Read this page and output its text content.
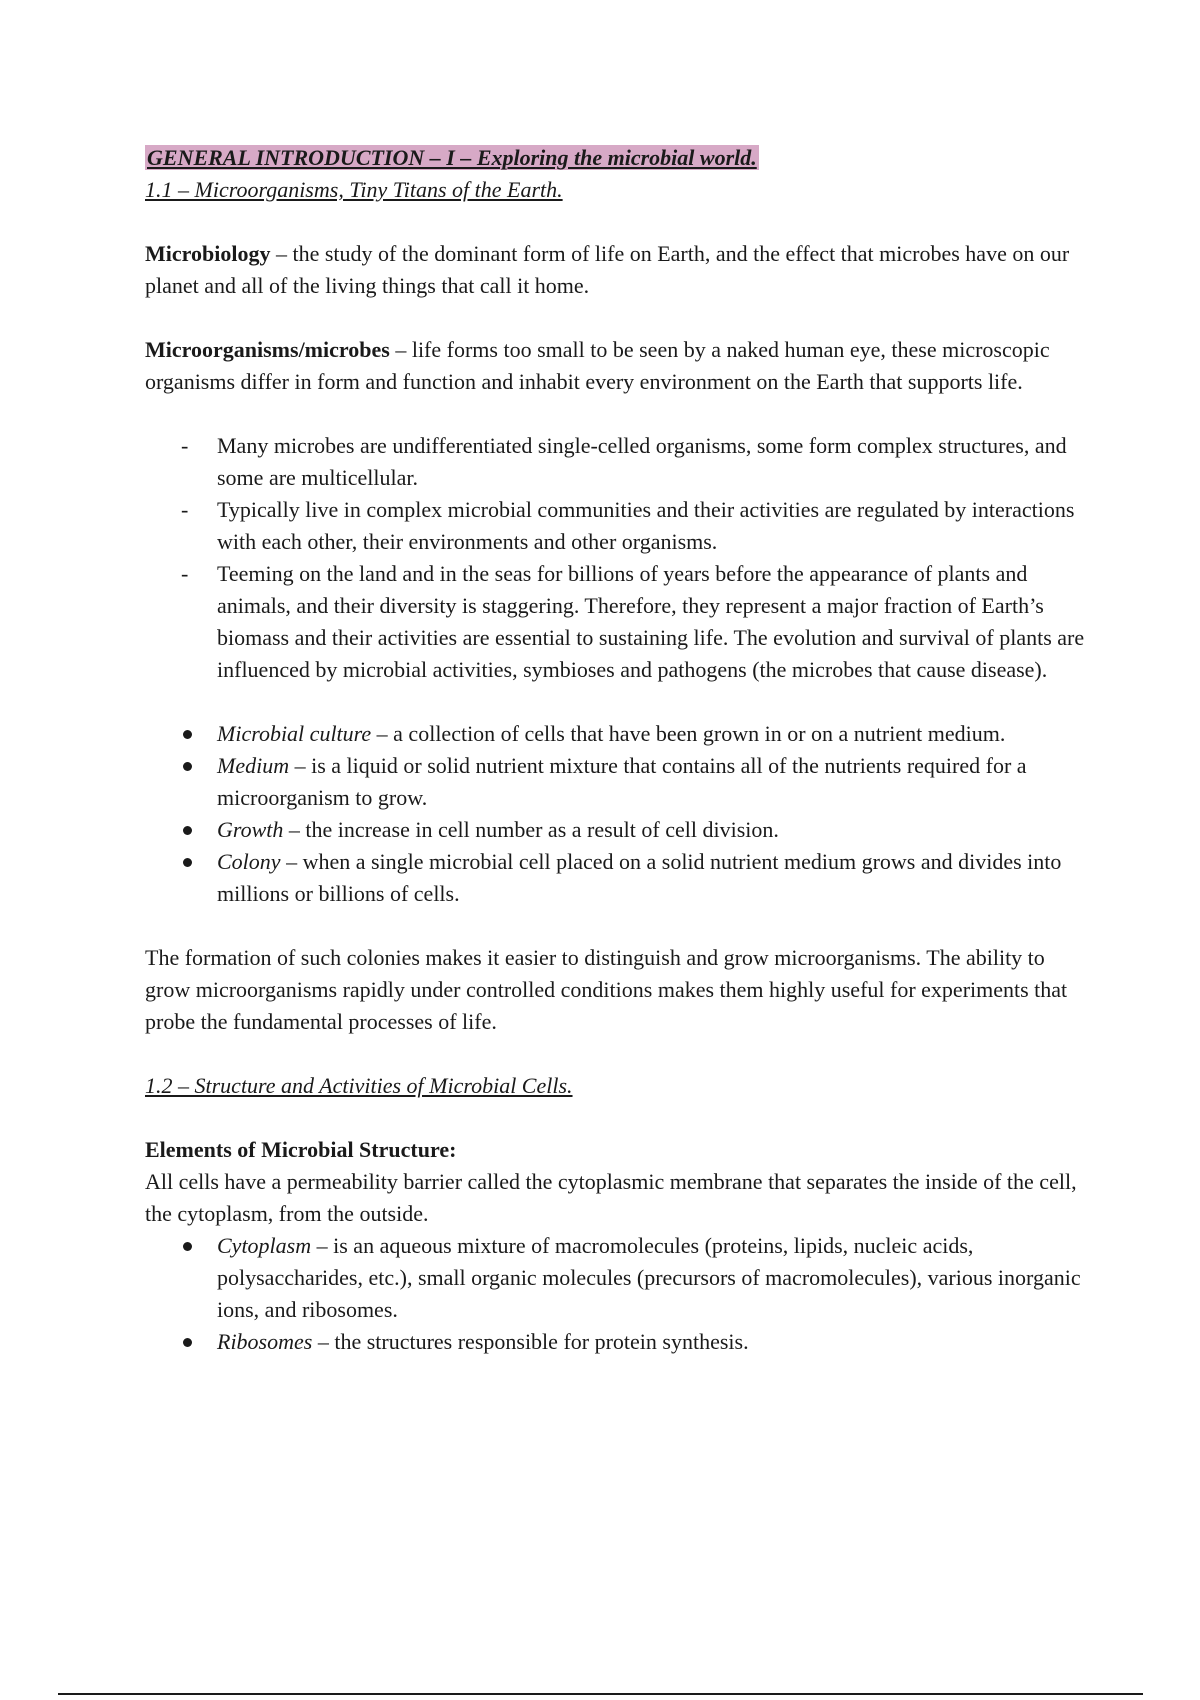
GENERAL INTRODUCTION – I – Exploring the microbial world.
1.1 – Microorganisms, Tiny Titans of the Earth.

Microbiology – the study of the dominant form of life on Earth, and the effect that microbes have on our planet and all of the living things that call it home.

Microorganisms/microbes – life forms too small to be seen by a naked human eye, these microscopic organisms differ in form and function and inhabit every environment on the Earth that supports life.

- Many microbes are undifferentiated single-celled organisms, some form complex structures, and some are multicellular.
- Typically live in complex microbial communities and their activities are regulated by interactions with each other, their environments and other organisms.
- Teeming on the land and in the seas for billions of years before the appearance of plants and animals, and their diversity is staggering. Therefore, they represent a major fraction of Earth’s biomass and their activities are essential to sustaining life. The evolution and survival of plants are influenced by microbial activities, symbioses and pathogens (the microbes that cause disease).
Microbial culture – a collection of cells that have been grown in or on a nutrient medium.
Medium – is a liquid or solid nutrient mixture that contains all of the nutrients required for a microorganism to grow.
Growth – the increase in cell number as a result of cell division.
Colony – when a single microbial cell placed on a solid nutrient medium grows and divides into millions or billions of cells.

The formation of such colonies makes it easier to distinguish and grow microorganisms. The ability to grow microorganisms rapidly under controlled conditions makes them highly useful for experiments that probe the fundamental processes of life.

1.2 – Structure and Activities of Microbial Cells.
Elements of Microbial Structure:

All cells have a permeability barrier called the cytoplasmic membrane that separates the inside of the cell, the cytoplasm, from the outside.

Cytoplasm – is an aqueous mixture of macromolecules (proteins, lipids, nucleic acids, polysaccharides, etc.), small organic molecules (precursors of macromolecules), various inorganic ions, and ribosomes.
Ribosomes – the structures responsible for protein synthesis.
